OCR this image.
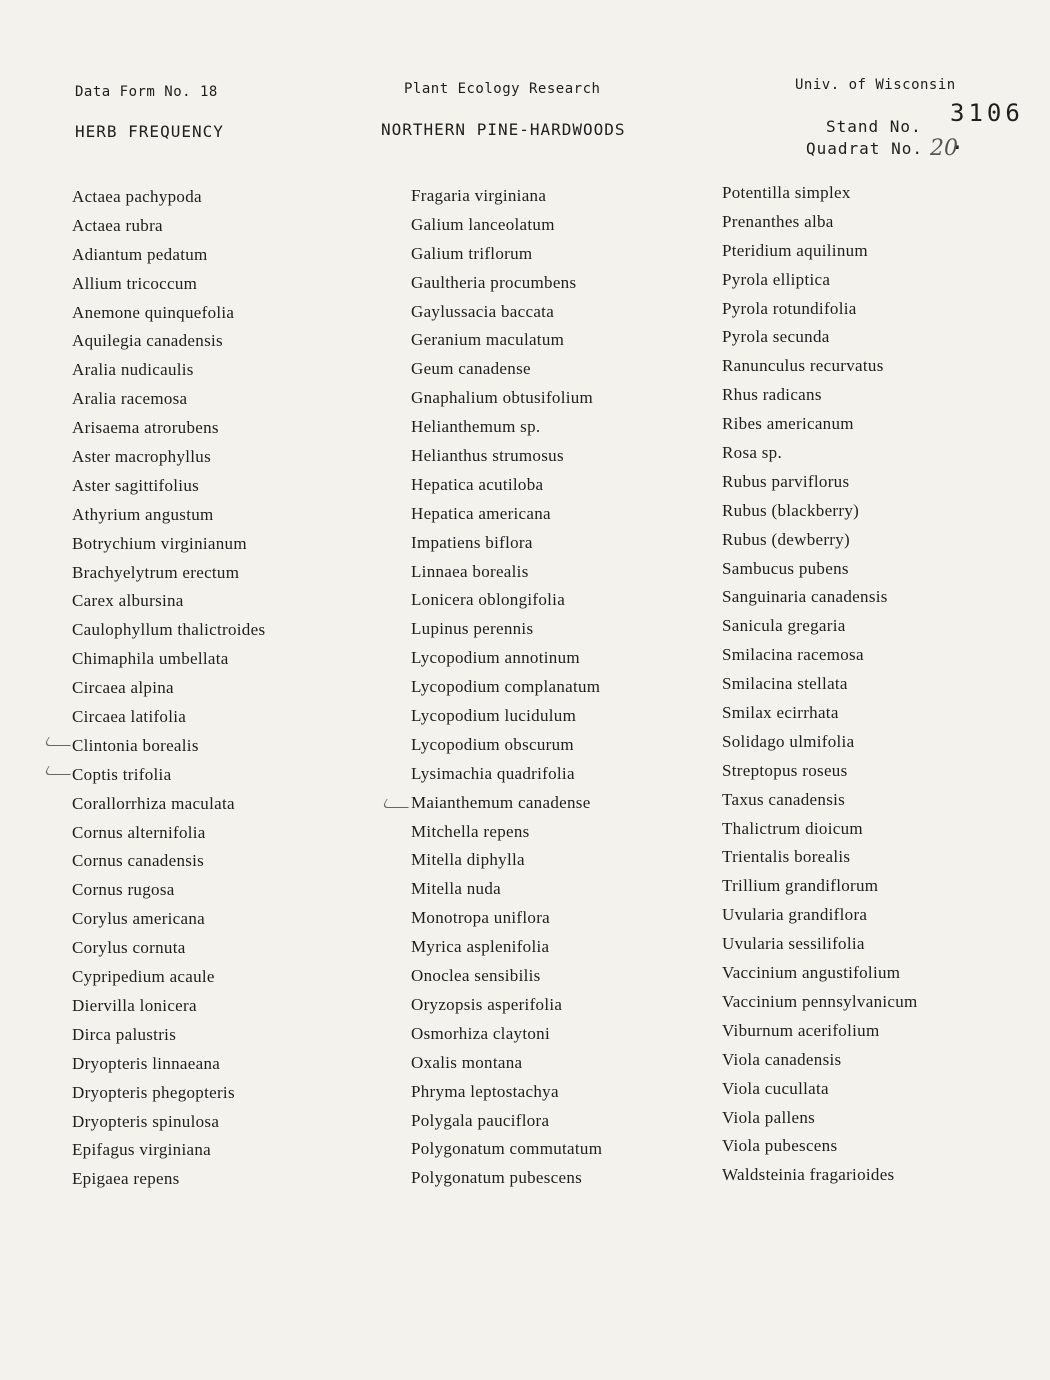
Data Form No. 18	Plant Ecology Research	Univ. of Wisconsin
HERB FREQUENCY	NORTHERN PINE-HARDWOODS	Stand No. 3106 .
Quadrat No. 20
Actaea pachypoda
Actaea rubra
Adiantum pedatum
Allium tricoccum
Anemone quinquefolia
Aquilegia canadensis
Aralia nudicaulis
Aralia racemosa
Arisaema atrorubens
Aster macrophyllus
Aster sagittifolius
Athyrium angustum
Botrychium virginianum
Brachyelytrum erectum
Carex albursina
Caulophyllum thalictroides
Chimaphila umbellata
Circaea alpina
Circaea latifolia
Clintonia borealis
Coptis trifolia
Corallorrhiza maculata
Cornus alternifolia
Cornus canadensis
Cornus rugosa
Corylus americana
Corylus cornuta
Cypripedium acaule
Diervilla lonicera
Dirca palustris
Dryopteris linnaeana
Dryopteris phegopteris
Dryopteris spinulosa
Epifagus virginiana
Epigaea repens
Fragaria virginiana
Galium lanceolatum
Galium triflorum
Gaultheria procumbens
Gaylussacia baccata
Geranium maculatum
Geum canadense
Gnaphalium obtusifolium
Helianthemum sp.
Helianthus strumosus
Hepatica acutiloba
Hepatica americana
Impatiens biflora
Linnaea borealis
Lonicera oblongifolia
Lupinus perennis
Lycopodium annotinum
Lycopodium complanatum
Lycopodium lucidulum
Lycopodium obscurum
Lysimachia quadrifolia
Maianthemum canadense
Mitchella repens
Mitella diphylla
Mitella nuda
Monotropa uniflora
Myrica asplenifolia
Onoclea sensibilis
Oryzopsis asperifolia
Osmorhiza claytoni
Oxalis montana
Phryma leptostachya
Polygala pauciflora
Polygonatum commutatum
Polygonatum pubescens
Potentilla simplex
Prenanthes alba
Pteridium aquilinum
Pyrola elliptica
Pyrola rotundifolia
Pyrola secunda
Ranunculus recurvatus
Rhus radicans
Ribes americanum
Rosa sp.
Rubus parviflorus
Rubus (blackberry)
Rubus (dewberry)
Sambucus pubens
Sanguinaria canadensis
Sanicula gregaria
Smilacina racemosa
Smilacina stellata
Smilax ecirrhata
Solidago ulmifolia
Streptopus roseus
Taxus canadensis
Thalictrum dioicum
Trientalis borealis
Trillium grandiflorum
Uvularia grandiflora
Uvularia sessilifolia
Vaccinium angustifolium
Vaccinium pennsylvanicum
Viburnum acerifolium
Viola canadensis
Viola cucullata
Viola pallens
Viola pubescens
Waldsteinia fragarioides
